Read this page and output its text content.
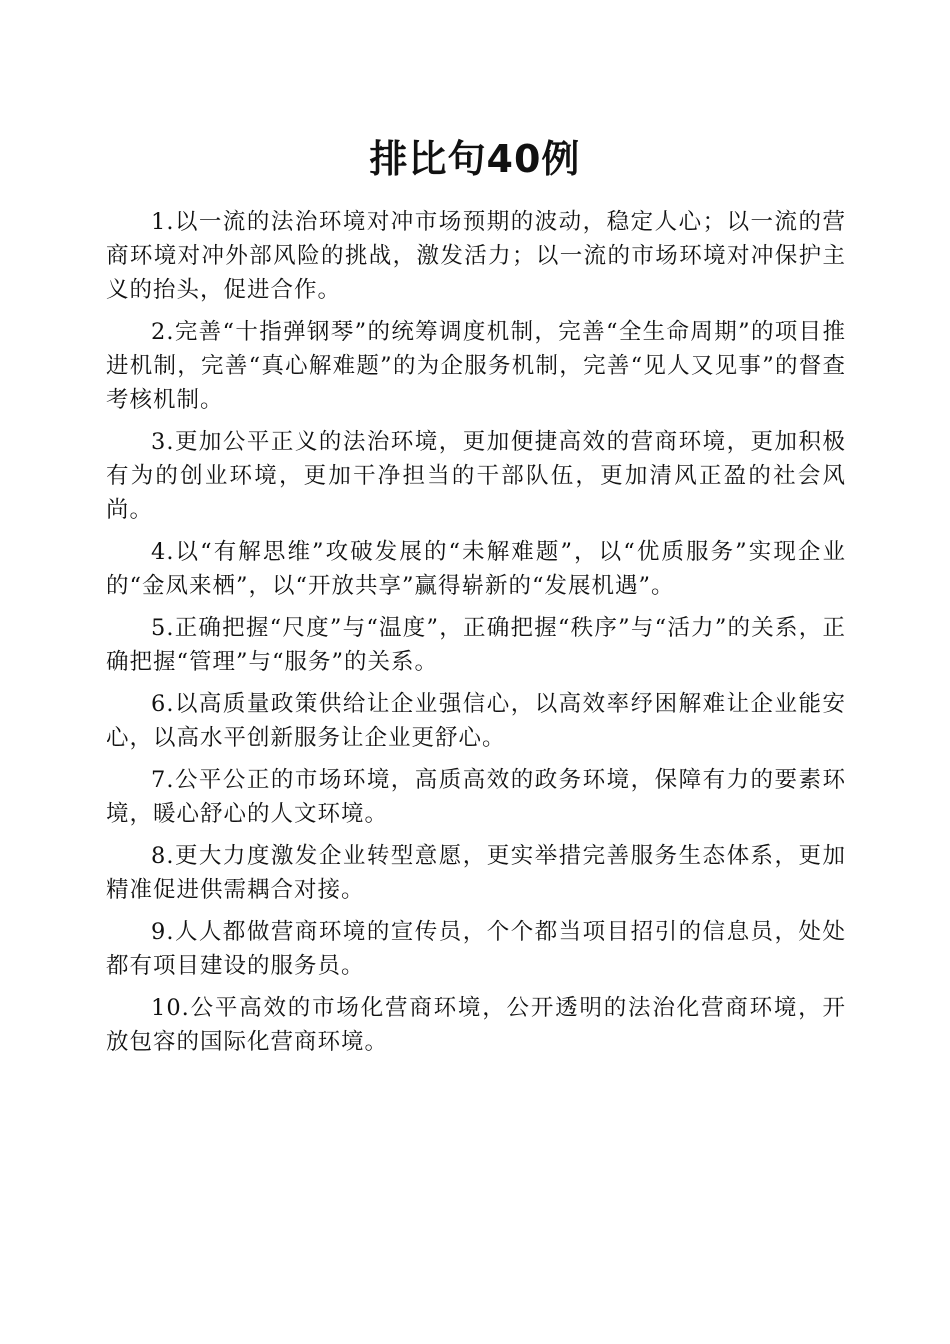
排比句40例

1.以一流的法治环境对冲市场预期的波动，稳定人心；以一流的营商环境对冲外部风险的挑战，激发活力；以一流的市场环境对冲保护主义的抬头，促进合作。

2.完善“十指弹钢琴”的统筹调度机制，完善“全生命周期”的项目推进机制，完善“真心解难题”的为企服务机制，完善“见人又见事”的督查考核机制。

3.更加公平正义的法治环境，更加便捷高效的营商环境，更加积极有为的创业环境，更加干净担当的干部队伍，更加清风正盈的社会风尚。

4.以“有解思维”攻破发展的“未解难题”，以“优质服务”实现企业的“金凤来栖”，以“开放共享”赢得崭新的“发展机遇”。

5.正确把握“尺度”与“温度”，正确把握“秩序”与“活力”的关系，正确把握“管理”与“服务”的关系。

6.以高质量政策供给让企业强信心，以高效率纾困解难让企业能安心，以高水平创新服务让企业更舒心。

7.公平公正的市场环境，高质高效的政务环境，保障有力的要素环境，暖心舒心的人文环境。

8.更大力度激发企业转型意愿，更实举措完善服务生态体系，更加精准促进供需耦合对接。

9.人人都做营商环境的宣传员，个个都当项目招引的信息员，处处都有项目建设的服务员。

10.公平高效的市场化营商环境，公开透明的法治化营商环境，开放包容的国际化营商环境。
